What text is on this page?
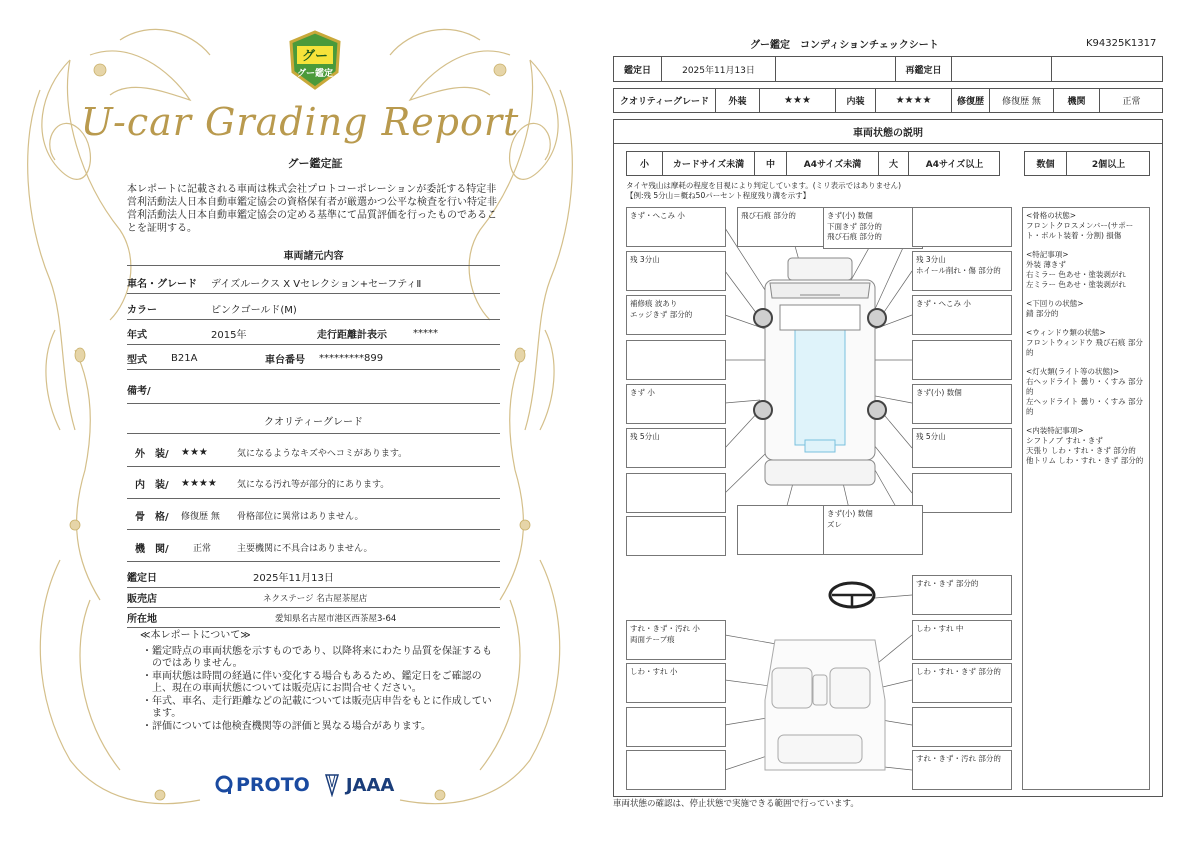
グー
グー鑑定
U-car Grading Report
グー鑑定証
本レポートに記載される車両は株式会社プロトコーポレーションが委託する特定非営利活動法人日本自動車鑑定協会の資格保有者が厳選かつ公平な検査を行い特定非営利活動法人日本自動車鑑定協会の定める基準にて品質評価を行ったものであることを証明する。
車両諸元内容
車名・グレード	デイズルークス X Vセレクション+セーフティⅡ
カラー	ピンクゴールド(M)
年式	2015年	走行距離計表示	*****
型式	B21A	車台番号	*********899
備考/
クオリティーグレード
外　装/	★★★	気になるようなキズやヘコミがあります。
内　装/	★★★★	気になる汚れ等が部分的にあります。
骨　格/	修復歴 無	骨格部位に異常はありません。
機　関/	正常	主要機関に不具合はありません。
鑑定日	2025年11月13日
販売店	ネクステージ 名古屋茶屋店
所在地	愛知県名古屋市港区西茶屋3-64
≪本レポートについて≫
・鑑定時点の車両状態を示すものであり、以降将来にわたり品質を保証するものではありません。
・車両状態は時間の経過に伴い変化する場合もあるため、鑑定日をご確認の上、現在の車両状態については販売店にお問合せください。
・年式、車名、走行距離などの記載については販売店申告をもとに作成しています。
・評価については他検査機関等の評価と異なる場合があります。
PROTO JAAA
グー鑑定　コンディションチェックシート	K94325K1317
鑑定日	2025年11月13日	再鑑定日
クオリティーグレード	外装	★★★	内装	★★★★	修復歴	修復歴 無	機関	正常
車両状態の説明
小	カードサイズ未満	中	A4サイズ未満	大	A4サイズ以上	数個	2個以上
タイヤ残山は摩耗の程度を目視により判定しています。(ミリ表示ではありません)
【例:残 5分山＝概ね50パーセント程度残り溝を示す】
きず・へこみ 小	飛び石痕 部分的	きず(小) 数個
下面きず 部分的
飛び石痕 部分的
残 3分山	残 3分山
ホイール削れ・傷 部分的
補修痕 波あり
エッジきず 部分的
きず・へこみ 小
きず 小	きず(小) 数個
残 5分山	残 5分山
きず(小) 数個
ズレ
すれ・きず 部分的
すれ・きず・汚れ 小
両面テープ痕
しわ・すれ 中
しわ・すれ 小	しわ・すれ・きず 部分的
すれ・きず・汚れ 部分的
<骨格の状態>
フロントクロスメンバー(サポート・ボルト装着・分割) 損傷
<特記事項>
外装 薄きず
右ミラー 色あせ・塗装剥がれ
左ミラー 色あせ・塗装剥がれ
<下回りの状態>
錆 部分的
<ウィンドウ類の状態>
フロントウィンドウ 飛び石痕 部分的
<灯火類(ライト等の状態)>
右ヘッドライト 曇り・くすみ 部分的
左ヘッドライト 曇り・くすみ 部分的
<内装特記事項>
シフトノブ すれ・きず
天張り しわ・すれ・きず 部分的
他トリム しわ・すれ・きず 部分的
車両状態の確認は、停止状態で実施できる範囲で行っています。
